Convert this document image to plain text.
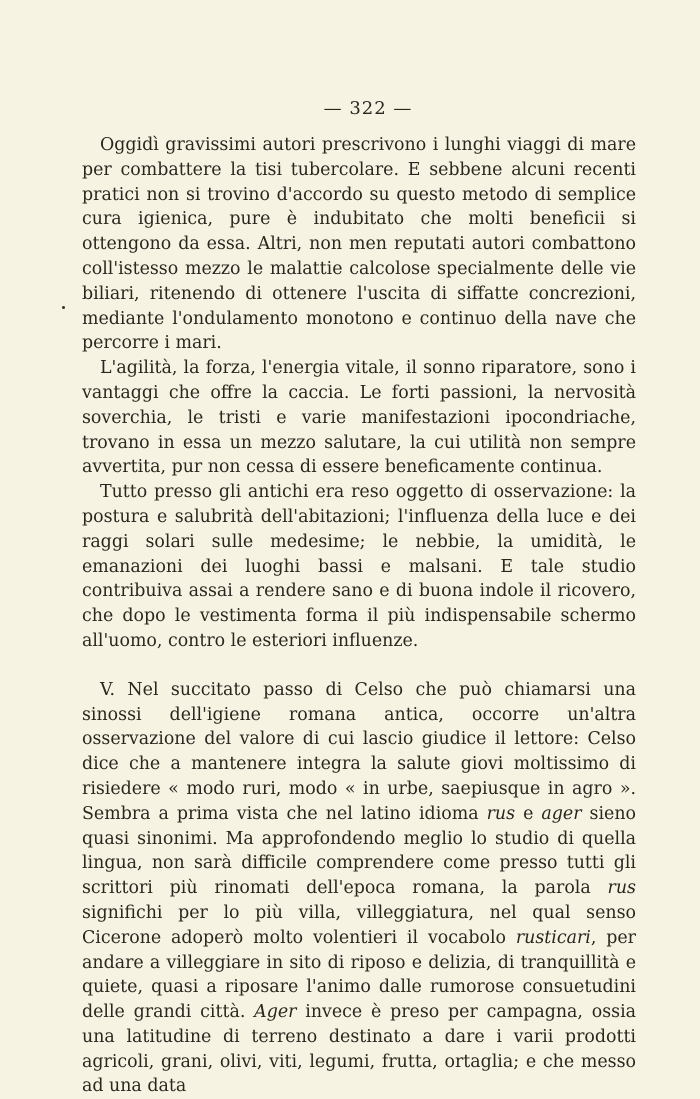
— 322 —

Oggidì gravissimi autori prescrivono i lunghi viaggi di mare per combattere la tisi tubercolare. E sebbene alcuni recenti pratici non si trovino d'accordo su questo metodo di semplice cura igienica, pure è indubitato che molti beneficii si ottengono da essa. Altri, non men reputati autori combattono coll'istesso mezzo le malattie calcolose specialmente delle vie biliari, ritenendo di ottenere l'uscita di siffatte concrezioni, mediante l'ondulamento monotono e continuo della nave che percorre i mari.

L'agilità, la forza, l'energia vitale, il sonno riparatore, sono i vantaggi che offre la caccia. Le forti passioni, la nervosità soverchia, le tristi e varie manifestazioni ipocondriache, trovano in essa un mezzo salutare, la cui utilità non sempre avvertita, pur non cessa di essere beneficamente continua.

Tutto presso gli antichi era reso oggetto di osservazione: la postura e salubrità dell'abitazioni; l'influenza della luce e dei raggi solari sulle medesime; le nebbie, la umidità, le emanazioni dei luoghi bassi e malsani. E tale studio contribuiva assai a rendere sano e di buona indole il ricovero, che dopo le vestimenta forma il più indispensabile schermo all'uomo, contro le esteriori influenze.

V. Nel succitato passo di Celso che può chiamarsi una sinossi dell'igiene romana antica, occorre un'altra osservazione del valore di cui lascio giudice il lettore: Celso dice che a mantenere integra la salute giovi moltissimo di risiedere « modo ruri, modo « in urbe, saepiusque in agro ». Sembra a prima vista che nel latino idioma rus e ager sieno quasi sinonimi. Ma approfondendo meglio lo studio di quella lingua, non sarà difficile comprendere come presso tutti gli scrittori più rinomati dell'epoca romana, la parola rus significhi per lo più villa, villeggiatura, nel qual senso Cicerone adoperò molto volentieri il vocabolo rusticari, per andare a villeggiare in sito di riposo e delizia, di tranquillità e quiete, quasi a riposare l'animo dalle rumorose consuetudini delle grandi città. Ager invece è preso per campagna, ossia una latitudine di terreno destinato a dare i varii prodotti agricoli, grani, olivi, viti, legumi, frutta, ortaglia; e che messo ad una data
